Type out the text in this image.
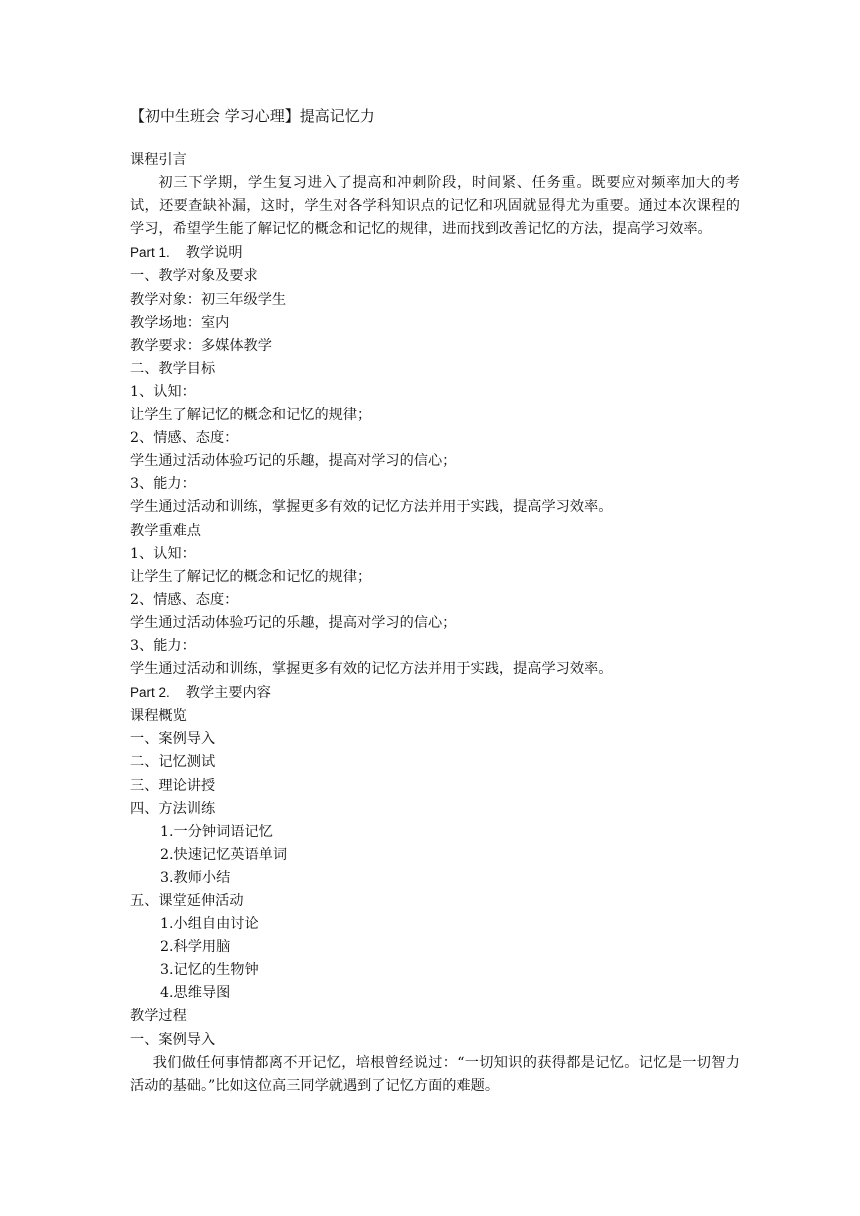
【初中生班会 学习心理】提高记忆力
课程引言
初三下学期，学生复习进入了提高和冲刺阶段，时间紧、任务重。既要应对频率加大的考试，还要查缺补漏，这时，学生对各学科知识点的记忆和巩固就显得尤为重要。通过本次课程的学习，希望学生能了解记忆的概念和记忆的规律，进而找到改善记忆的方法，提高学习效率。
Part 1. 教学说明
一、教学对象及要求
教学对象：初三年级学生
教学场地：室内
教学要求：多媒体教学
二、教学目标
1、认知：
让学生了解记忆的概念和记忆的规律；
2、情感、态度：
学生通过活动体验巧记的乐趣，提高对学习的信心；
3、能力：
学生通过活动和训练，掌握更多有效的记忆方法并用于实践，提高学习效率。
教学重难点
1、认知：
让学生了解记忆的概念和记忆的规律；
2、情感、态度：
学生通过活动体验巧记的乐趣，提高对学习的信心；
3、能力：
学生通过活动和训练，掌握更多有效的记忆方法并用于实践，提高学习效率。
Part 2. 教学主要内容
课程概览
一、案例导入
二、记忆测试
三、理论讲授
四、方法训练
1.一分钟词语记忆
2.快速记忆英语单词
3.教师小结
五、课堂延伸活动
1.小组自由讨论
2.科学用脑
3.记忆的生物钟
4.思维导图
教学过程
一、案例导入
我们做任何事情都离不开记忆，培根曾经说过：“一切知识的获得都是记忆。记忆是一切智力活动的基础。”比如这位高三同学就遇到了记忆方面的难题。
